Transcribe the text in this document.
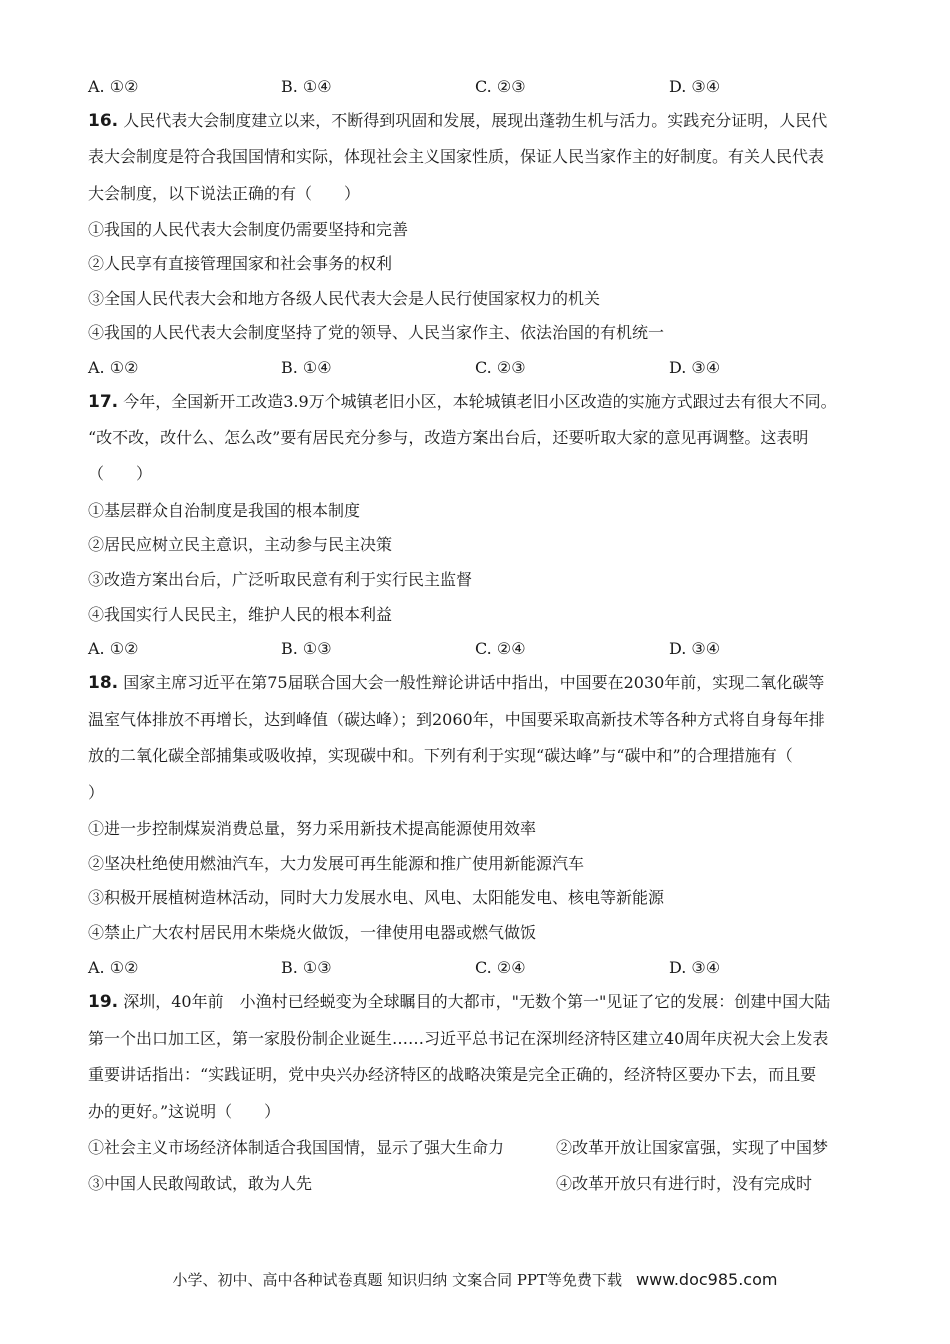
A. ①②	B. ①④	C. ②③	D. ③④
16. 人民代表大会制度建立以来，不断得到巩固和发展，展现出蓬勃生机与活力。实践充分证明，人民代
表大会制度是符合我国国情和实际，体现社会主义国家性质，保证人民当家作主的好制度。有关人民代表
大会制度，以下说法正确的有（　　）
①我国的人民代表大会制度仍需要坚持和完善
②人民享有直接管理国家和社会事务的权利
③全国人民代表大会和地方各级人民代表大会是人民行使国家权力的机关
④我国的人民代表大会制度坚持了党的领导、人民当家作主、依法治国的有机统一
A. ①②	B. ①④	C. ②③	D. ③④
17. 今年，全国新开工改造3.9万个城镇老旧小区，本轮城镇老旧小区改造的实施方式跟过去有很大不同。
“改不改，改什么、怎么改”要有居民充分参与，改造方案出台后，还要听取大家的意见再调整。这表明
（　　）
①基层群众自治制度是我国的根本制度
②居民应树立民主意识，主动参与民主决策
③改造方案出台后，广泛听取民意有利于实行民主监督
④我国实行人民民主，维护人民的根本利益
A. ①②	B. ①③	C. ②④	D. ③④
18. 国家主席习近平在第75届联合国大会一般性辩论讲话中指出，中国要在2030年前，实现二氧化碳等
温室气体排放不再增长，达到峰值（碳达峰）；到2060年，中国要采取高新技术等各种方式将自身每年排
放的二氧化碳全部捕集或吸收掉，实现碳中和。下列有利于实现“碳达峰”与“碳中和”的合理措施有（
）
①进一步控制煤炭消费总量，努力采用新技术提高能源使用效率
②坚决杜绝使用燃油汽车，大力发展可再生能源和推广使用新能源汽车
③积极开展植树造林活动，同时大力发展水电、风电、太阳能发电、核电等新能源
④禁止广大农村居民用木柴烧火做饭，一律使用电器或燃气做饭
A. ①②	B. ①③	C. ②④	D. ③④
19. 深圳，40年前　小渔村已经蜕变为全球瞩目的大都市，"无数个第一"见证了它的发展：创建中国大陆
第一个出口加工区，第一家股份制企业诞生……习近平总书记在深圳经济特区建立40周年庆祝大会上发表
重要讲话指出：“实践证明，党中央兴办经济特区的战略决策是完全正确的，经济特区要办下去，而且要
办的更好。”这说明（　　）
①社会主义市场经济体制适合我国国情，显示了强大生命力	②改革开放让国家富强，实现了中国梦
③中国人民敢闯敢试，敢为人先	④改革开放只有进行时，没有完成时
小学、初中、高中各种试卷真题 知识归纳 文案合同 PPT等免费下载 www.doc985.com
